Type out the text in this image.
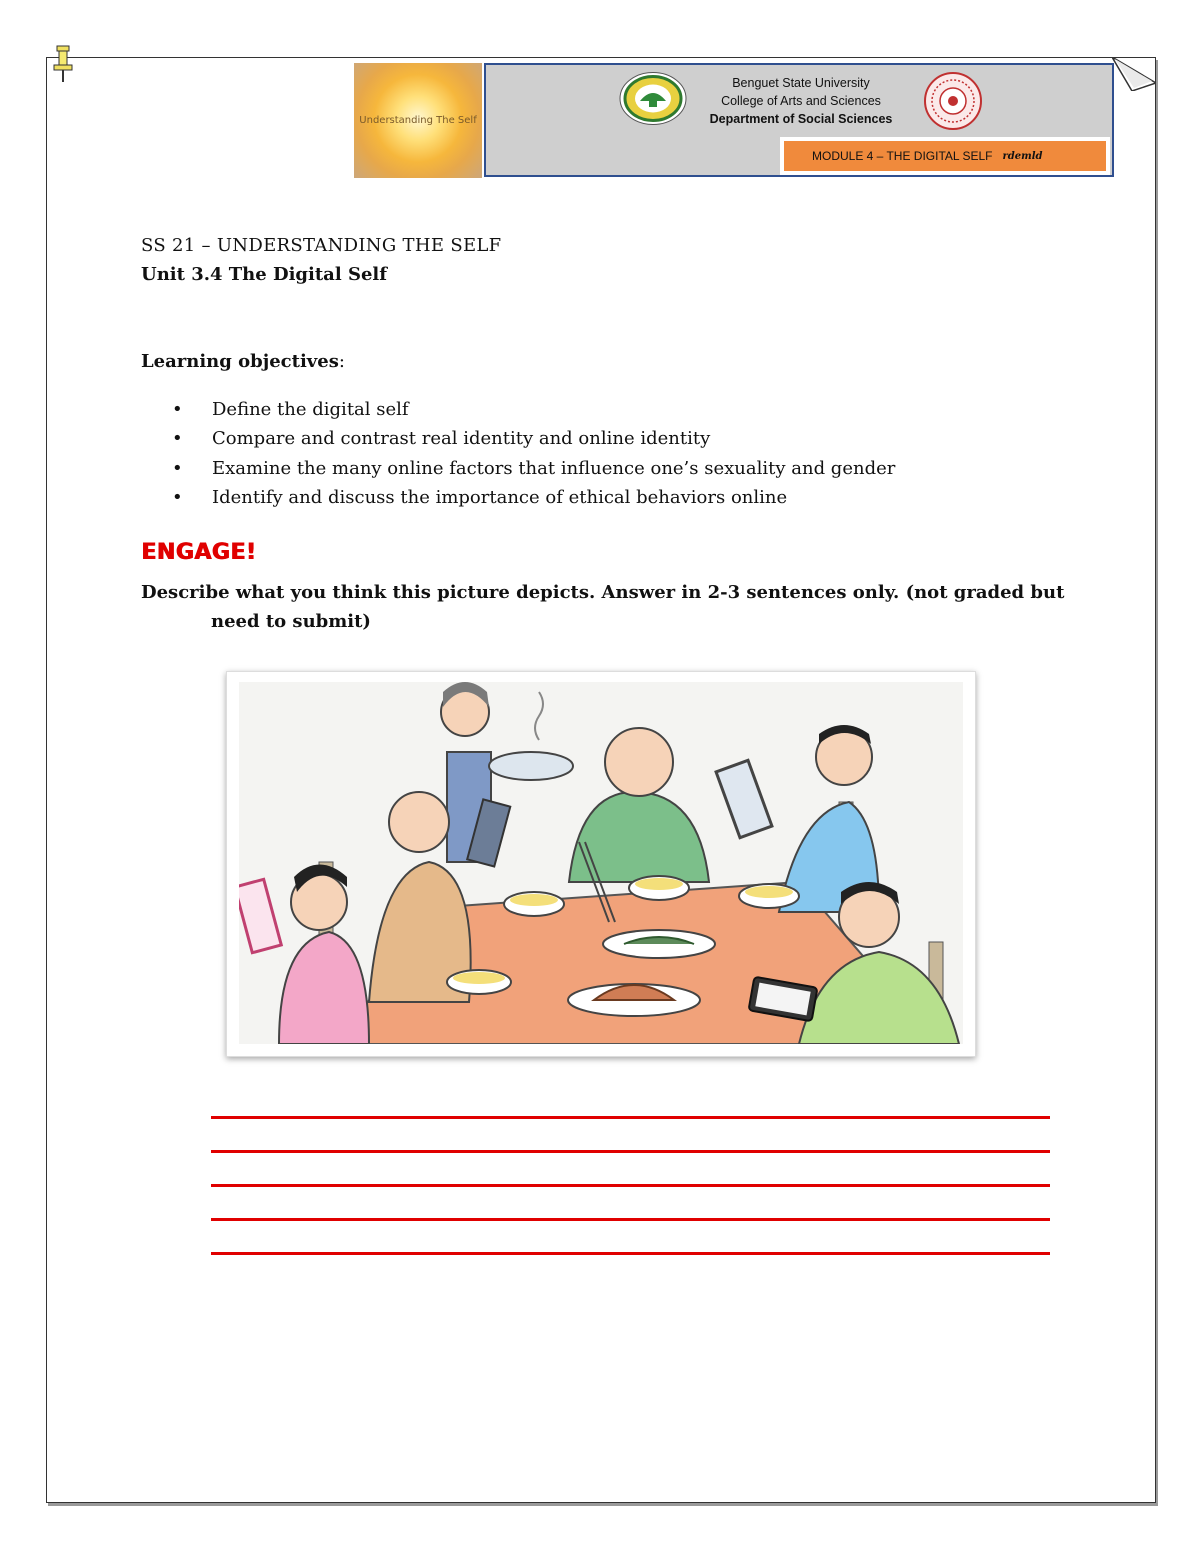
Understanding The Self
Benguet State University
College of Arts and Sciences
Department of Social Sciences
MODULE 4 – THE DIGITAL SELF rdemld
SS 21 – UNDERSTANDING THE SELF
Unit 3.4 The Digital Self
Learning objectives:
• Define the digital self
• Compare and contrast real identity and online identity
• Examine the many online factors that influence one’s sexuality and gender
• Identify and discuss the importance of ethical behaviors online
ENGAGE!
Describe what you think this picture depicts. Answer in 2-3 sentences only. (not graded but
need to submit)
